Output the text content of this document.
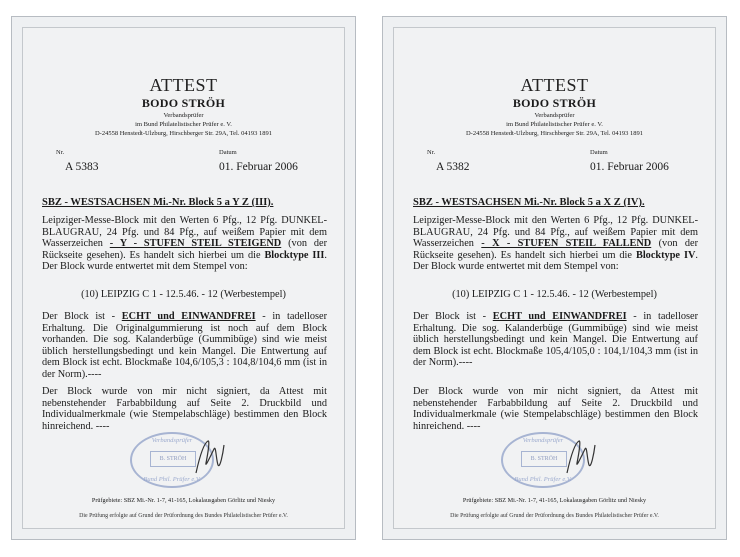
ATTEST
BODO STRÖH
Verbandsprüfer
im Bund Philatelistischer Prüfer e. V.
D-24558 Henstedt-Ulzburg, Hirschberger Str. 29A, Tel. 04193 1891
Nr.	Datum
A 5383	01. Februar 2006
SBZ - WESTSACHSEN Mi.-Nr. Block 5 a Y Z (III).
Leipziger-Messe-Block mit den Werten 6 Pfg., 12 Pfg. DUNKEL-BLAUGRAU, 24 Pfg. und 84 Pfg., auf weißem Papier mit dem Wasserzeichen - Y - STUFEN STEIL STEIGEND (von der Rückseite gesehen). Es handelt sich hierbei um die Blocktype III. Der Block wurde entwertet mit dem Stempel von:
(10) LEIPZIG C 1 - 12.5.46. - 12 (Werbestempel)
Der Block ist - ECHT und EINWANDFREI - in tadelloser Erhaltung. Die Originalgummierung ist noch auf dem Block vorhanden. Die sog. Kalanderbüge (Gummibüge) sind wie meist üblich herstellungsbedingt und kein Mangel. Die Entwertung auf dem Block ist echt. Blockmaße 104,6/105,3 : 104,8/104,6 mm (ist in der Norm).----
Der Block wurde von mir nicht signiert, da Attest mit nebenstehender Farbabbildung auf Seite 2. Druckbild und Individualmerkmale (wie Stempelabschläge) bestimmen den Block hinreichend. ----
Verbandsprüfer
B. STRÖH
Bund Phil. Prüfer e.V.
Prüfgebiete: SBZ Mi.-Nr. 1-7, 41-165, Lokalausgaben Görlitz und Niesky
Die Prüfung erfolgte auf Grund der Prüfordnung des Bundes Philatelistischer Prüfer e.V.
ATTEST
BODO STRÖH
Verbandsprüfer
im Bund Philatelistischer Prüfer e. V.
D-24558 Henstedt-Ulzburg, Hirschberger Str. 29A, Tel. 04193 1891
Nr.	Datum
A 5382	01. Februar 2006
SBZ - WESTSACHSEN Mi.-Nr. Block 5 a X Z (IV).
Leipziger-Messe-Block mit den Werten 6 Pfg., 12 Pfg. DUNKEL-BLAUGRAU, 24 Pfg. und 84 Pfg., auf weißem Papier mit dem Wasserzeichen - X - STUFEN STEIL FALLEND (von der Rückseite gesehen). Es handelt sich hierbei um die Blocktype IV. Der Block wurde entwertet mit dem Stempel von:
(10) LEIPZIG C 1 - 12.5.46. - 12 (Werbestempel)
Der Block ist - ECHT und EINWANDFREI - in tadelloser Erhaltung. Die sog. Kalanderbüge (Gummibüge) sind wie meist üblich herstellungsbedingt und kein Mangel. Die Entwertung auf dem Block ist echt. Blockmaße 105,4/105,0 : 104,1/104,3 mm (ist in der Norm).----
Der Block wurde von mir nicht signiert, da Attest mit nebenstehender Farbabbildung auf Seite 2. Druckbild und Individualmerkmale (wie Stempelabschläge) bestimmen den Block hinreichend. ----
Verbandsprüfer
B. STRÖH
Bund Phil. Prüfer e.V.
Prüfgebiete: SBZ Mi.-Nr. 1-7, 41-165, Lokalausgaben Görlitz und Niesky
Die Prüfung erfolgte auf Grund der Prüfordnung des Bundes Philatelistischer Prüfer e.V.
